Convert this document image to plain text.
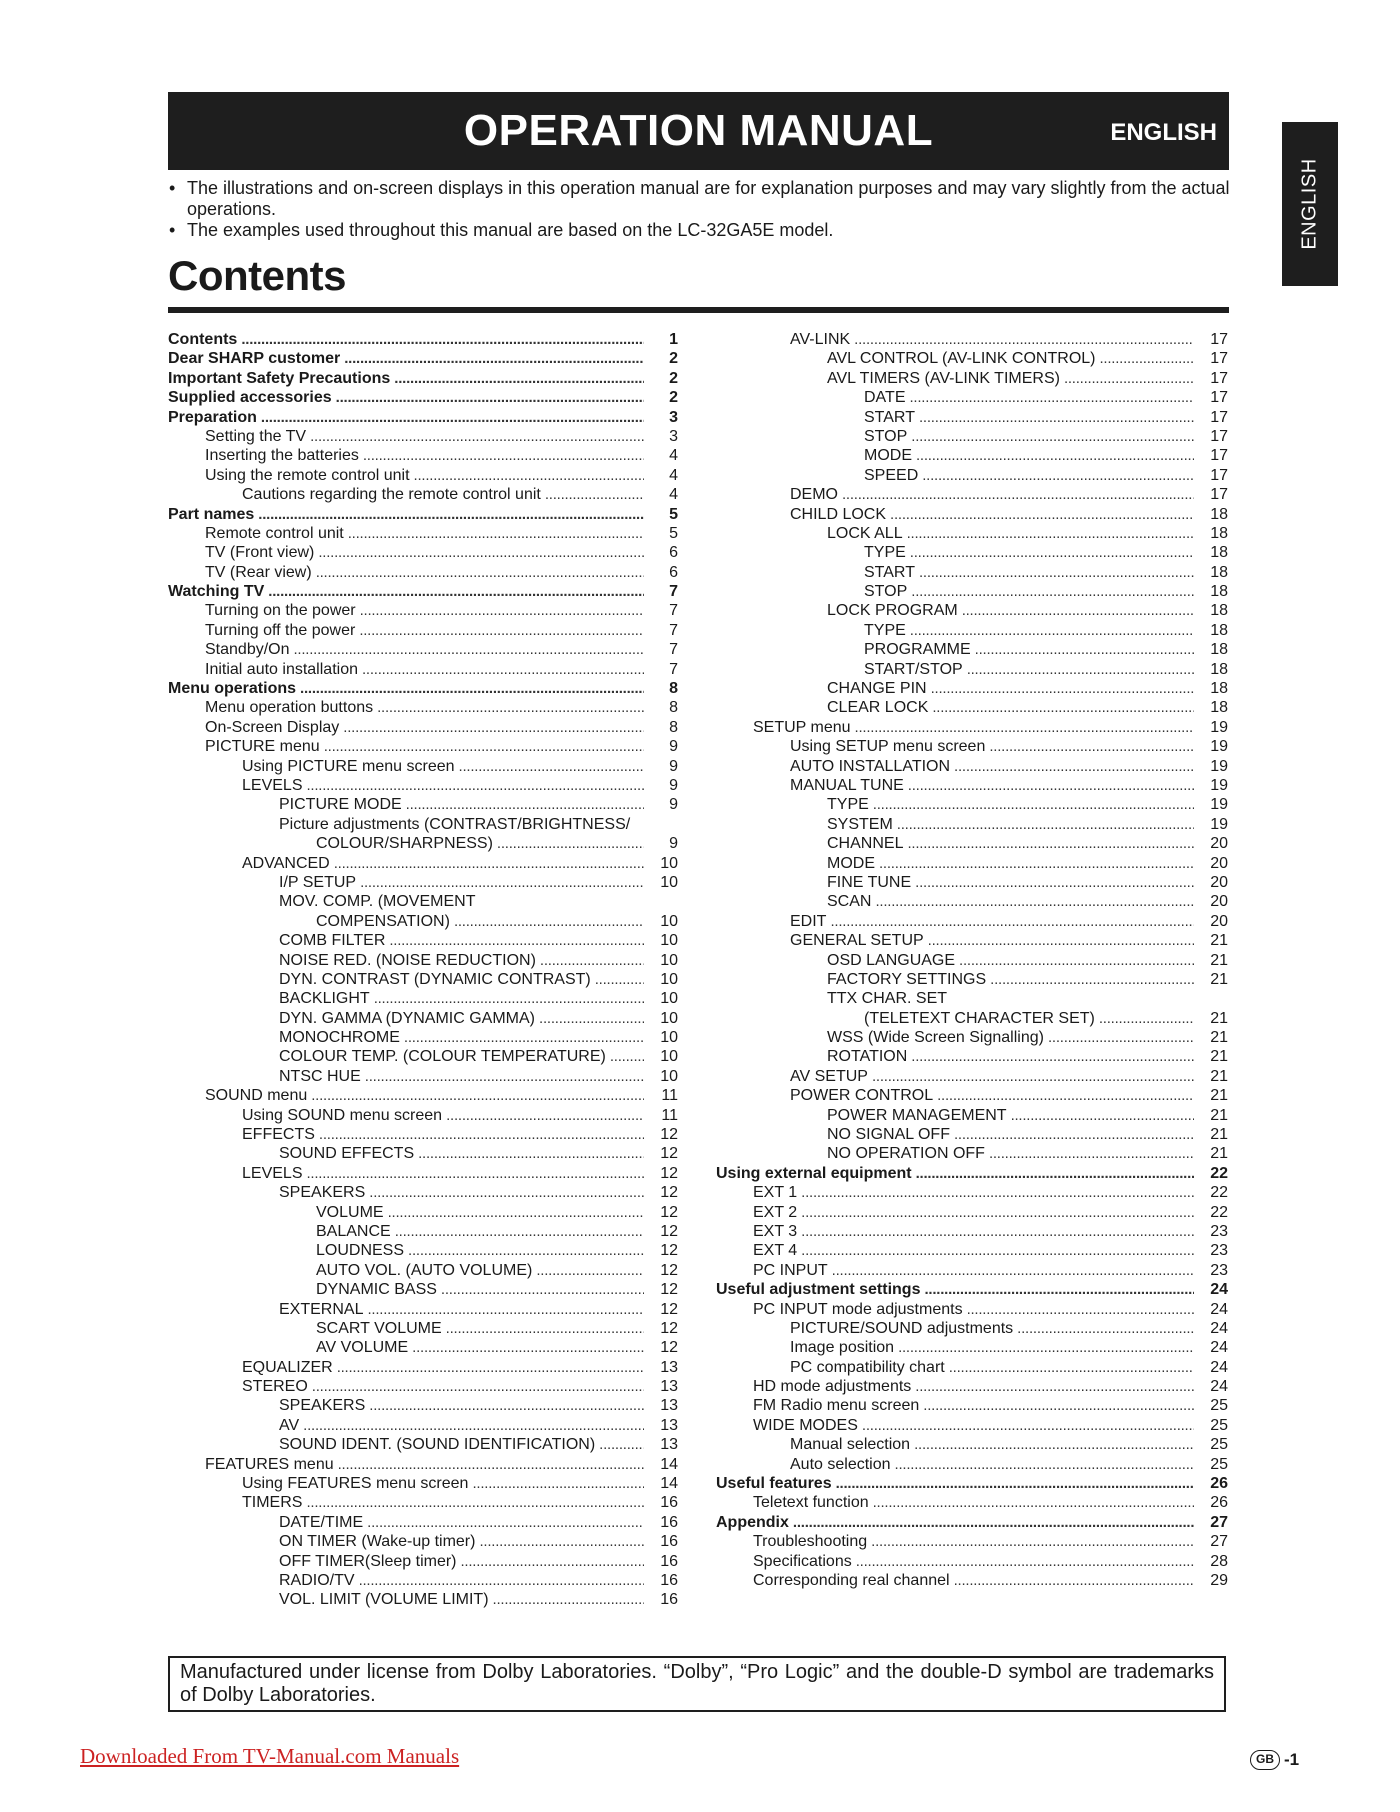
OPERATION MANUAL	ENGLISH
ENGLISH
• The illustrations and on-screen displays in this operation manual are for explanation purposes and may vary slightly from the actual operations.
• The examples used throughout this manual are based on the LC-32GA5E model.
Contents
Contents . . .	1
Dear SHARP customer . . .	2
Important Safety Precautions . . .	2
Supplied accessories . . .	2
Preparation . . .	3
Setting the TV . . .	3
Inserting the batteries . . .	4
Using the remote control unit . . .	4
Cautions regarding the remote control unit . . .	4
Part names . . .	5
Remote control unit . . .	5
TV (Front view) . . .	6
TV (Rear view) . . .	6
Watching TV . . .	7
Turning on the power . . .	7
Turning off the power . . .	7
Standby/On . . .	7
Initial auto installation . . .	7
Menu operations . . .	8
Menu operation buttons . . .	8
On-Screen Display . . .	8
PICTURE menu . . .	9
Using PICTURE menu screen . . .	9
LEVELS . . .	9
PICTURE MODE . . .	9
Picture adjustments (CONTRAST/BRIGHTNESS/
COLOUR/SHARPNESS) . . .	9
ADVANCED . . .	10
I/P SETUP . . .	10
MOV. COMP. (MOVEMENT
COMPENSATION) . . .	10
COMB FILTER . . .	10
NOISE RED. (NOISE REDUCTION) . . .	10
DYN. CONTRAST (DYNAMIC CONTRAST) . . .	10
BACKLIGHT . . .	10
DYN. GAMMA (DYNAMIC GAMMA) . . .	10
MONOCHROME . . .	10
COLOUR TEMP. (COLOUR TEMPERATURE) . . .	10
NTSC HUE . . .	10
SOUND menu . . .	11
Using SOUND menu screen . . .	11
EFFECTS . . .	12
SOUND EFFECTS . . .	12
LEVELS . . .	12
SPEAKERS . . .	12
VOLUME . . .	12
BALANCE . . .	12
LOUDNESS . . .	12
AUTO VOL. (AUTO VOLUME) . . .	12
DYNAMIC BASS . . .	12
EXTERNAL . . .	12
SCART VOLUME . . .	12
AV VOLUME . . .	12
EQUALIZER . . .	13
STEREO . . .	13
SPEAKERS . . .	13
AV . . .	13
SOUND IDENT. (SOUND IDENTIFICATION) . . .	13
FEATURES menu . . .	14
Using FEATURES menu screen . . .	14
TIMERS . . .	16
DATE/TIME . . .	16
ON TIMER (Wake-up timer) . . .	16
OFF TIMER(Sleep timer) . . .	16
RADIO/TV . . .	16
VOL. LIMIT (VOLUME LIMIT) . . .	16
AV-LINK . . .	17
AVL CONTROL (AV-LINK CONTROL) . . .	17
AVL TIMERS (AV-LINK TIMERS) . . .	17
DATE . . .	17
START . . .	17
STOP . . .	17
MODE . . .	17
SPEED . . .	17
DEMO . . .	17
CHILD LOCK . . .	18
LOCK ALL . . .	18
TYPE . . .	18
START . . .	18
STOP . . .	18
LOCK PROGRAM . . .	18
TYPE . . .	18
PROGRAMME . . .	18
START/STOP . . .	18
CHANGE PIN . . .	18
CLEAR LOCK . . .	18
SETUP menu . . .	19
Using SETUP menu screen . . .	19
AUTO INSTALLATION . . .	19
MANUAL TUNE . . .	19
TYPE . . .	19
SYSTEM . . .	19
CHANNEL . . .	20
MODE . . .	20
FINE TUNE . . .	20
SCAN . . .	20
EDIT . . .	20
GENERAL SETUP . . .	21
OSD LANGUAGE . . .	21
FACTORY SETTINGS . . .	21
TTX CHAR. SET
(TELETEXT CHARACTER SET) . . .	21
WSS (Wide Screen Signalling) . . .	21
ROTATION . . .	21
AV SETUP . . .	21
POWER CONTROL . . .	21
POWER MANAGEMENT . . .	21
NO SIGNAL OFF . . .	21
NO OPERATION OFF . . .	21
Using external equipment . . .	22
EXT 1 . . .	22
EXT 2 . . .	22
EXT 3 . . .	23
EXT 4 . . .	23
PC INPUT . . .	23
Useful adjustment settings . . .	24
PC INPUT mode adjustments . . .	24
PICTURE/SOUND adjustments . . .	24
Image position . . .	24
PC compatibility chart . . .	24
HD mode adjustments . . .	24
FM Radio menu screen . . .	25
WIDE MODES . . .	25
Manual selection . . .	25
Auto selection . . .	25
Useful features . . .	26
Teletext function . . .	26
Appendix . . .	27
Troubleshooting . . .	27
Specifications . . .	28
Corresponding real channel . . .	29
Manufactured under license from Dolby Laboratories. “Dolby”, “Pro Logic” and the double-D symbol are trademarks of Dolby Laboratories.
Downloaded From TV-Manual.com Manuals	GB -1
